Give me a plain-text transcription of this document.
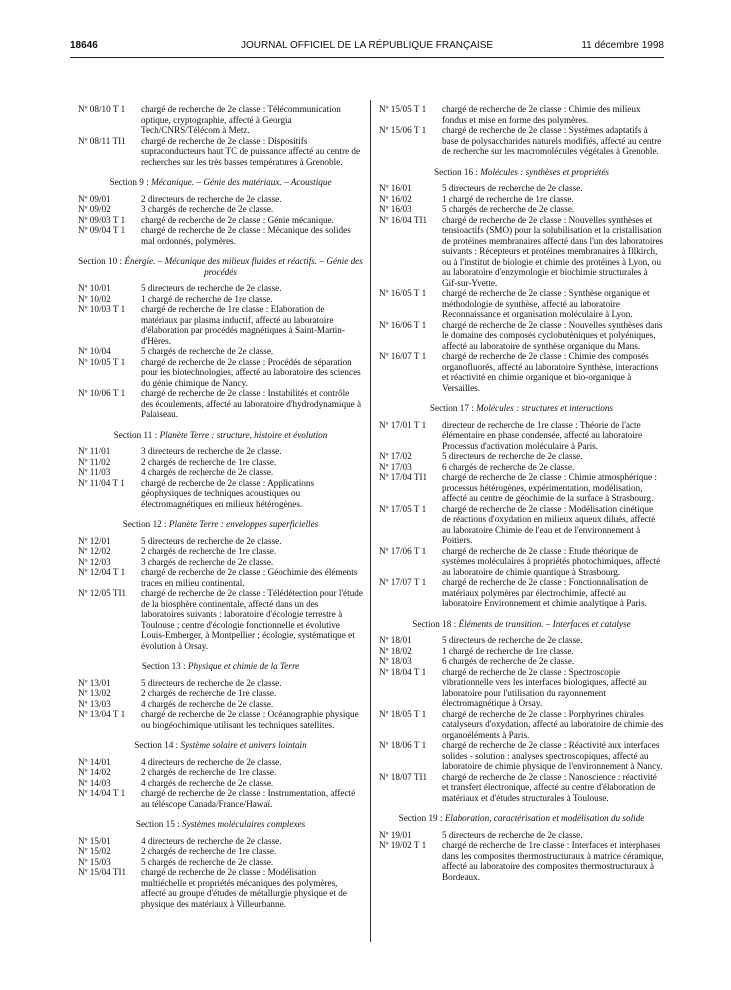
18646	JOURNAL OFFICIEL DE LA RÉPUBLIQUE FRANÇAISE	11 décembre 1998
Nº 08/10 T 1 chargé de recherche de 2e classe : Télécommunication optique, cryptographie, affecté à Georgia Tech/CNRS/Télécom à Metz.
Nº 08/11 TI1 chargé de recherche de 2e classe : Dispositifs supraconducteurs haut TC de puissance affecté au centre de recherches sur les très basses températures à Grenoble.
Section 9 : Mécanique. – Génie des matériaux. – Acoustique
Nº 09/01	2 directeurs de recherche de 2e classe.
Nº 09/02	3 chargés de recherche de 2e classe.
Nº 09/03 T 1 chargé de recherche de 2e classe : Génie mécanique.
Nº 09/04 T 1 chargé de recherche de 2e classe : Mécanique des solides mal ordonnés, polymères.
Section 10 : Énergie. – Mécanique des milieux fluides et réactifs. – Génie des procédés
Nº 10/01	5 directeurs de recherche de 2e classe.
Nº 10/02	1 chargé de recherche de 1re classe.
Nº 10/03 T 1 chargé de recherche de 1re classe : Elaboration de matériaux par plasma inductif, affecté au laboratoire d'élaboration par procédés magnétiques à Saint-Martin-d'Hères.
Nº 10/04	5 chargés de recherche de 2e classe.
Nº 10/05 T 1 chargé de recherche de 2e classe : Procédés de séparation pour les biotechnologies, affecté au laboratoire des sciences du génie chimique de Nancy.
Nº 10/06 T 1 chargé de recherche de 2e classe : Instabilités et contrôle des écoulements, affecté au laboratoire d'hydrodynamique à Palaiseau.
Section 11 : Planète Terre : structure, histoire et évolution
Nº 11/01	3 directeurs de recherche de 2e classe.
Nº 11/02	2 chargés de recherche de 1re classe.
Nº 11/03	4 chargés de recherche de 2e classe.
Nº 11/04 T 1 chargé de recherche de 2e classe : Applications géophysiques de techniques acoustiques ou électromagnétiques en milieux hétérogènes.
Section 12 : Planète Terre : enveloppes superficielles
Nº 12/01	5 directeurs de recherche de 2e classe.
Nº 12/02	2 chargés de recherche de 1re classe.
Nº 12/03	3 chargés de recherche de 2e classe.
Nº 12/04 T 1 chargé de recherche de 2e classe : Géochimie des éléments traces en milieu continental.
Nº 12/05 TI1 chargé de recherche de 2e classe : Télédétection pour l'étude de la biosphère continentale, affecté dans un des laboratoires suivants : laboratoire d'écologie terrestre à Toulouse ; centre d'écologie fonctionnelle et évolutive Louis-Emberger, à Montpellier ; écologie, systématique et évolution à Orsay.
Section 13 : Physique et chimie de la Terre
Nº 13/01	5 directeurs de recherche de 2e classe.
Nº 13/02	2 chargés de recherche de 1re classe.
Nº 13/03	4 chargés de recherche de 2e classe.
Nº 13/04 T 1 chargé de recherche de 2e classe : Océanographie physique ou biogéochimique utilisant les techniques satellites.
Section 14 : Système solaire et univers lointain
Nº 14/01	4 directeurs de recherche de 2e classe.
Nº 14/02	2 chargés de recherche de 1re classe.
Nº 14/03	4 chargés de recherche de 2e classe.
Nº 14/04 T 1 chargé de recherche de 2e classe : Instrumentation, affecté au téléscope Canada/France/Hawaï.
Section 15 : Systèmes moléculaires complexes
Nº 15/01	4 directeurs de recherche de 2e classe.
Nº 15/02	2 chargés de recherche de 1re classe.
Nº 15/03	5 chargés de recherche de 2e classe.
Nº 15/04 TI1 chargé de recherche de 2e classe : Modélisation multiéchelle et propriétés mécaniques des polymères, affecté au groupe d'études de métallurgie physique et de physique des matériaux à Villeurbanne.
Nº 15/05 T 1 chargé de recherche de 2e classe : Chimie des milieux fondus et mise en forme des polymères.
Nº 15/06 T 1 chargé de recherche de 2e classe : Systèmes adaptatifs à base de polysaccharides naturels modifiés, affecté au centre de recherche sur les macromolécules végétales à Grenoble.
Section 16 : Molécules : synthèses et propriétés
Nº 16/01	5 directeurs de recherche de 2e classe.
Nº 16/02	1 chargé de recherche de 1re classe.
Nº 16/03	5 chargés de recherche de 2e classe.
Nº 16/04 TI1 chargé de recherche de 2e classe : Nouvelles synthèses et tensioactifs (SMO) pour la solubilisation et la cristallisation de protéines membranaires affecté dans l'un des laboratoires suivants : Récepteurs et protéines membranaires à Illkirch, ou à l'institut de biologie et chimie des protéines à Lyon, ou au laboratoire d'enzymologie et biochimie structurales à Gif-sur-Yvette.
Nº 16/05 T 1 chargé de recherche de 2e classe : Synthèse organique et méthodologie de synthèse, affecté au laboratoire Reconnaissance et organisation moléculaire à Lyon.
Nº 16/06 T 1 chargé de recherche de 2e classe : Nouvelles synthèses dans le domaine des composés cyclobutèniques et polyéniques, affecté au laboratoire de synthèse organique du Mans.
Nº 16/07 T 1 chargé de recherche de 2e classe : Chimie des composés organofluorés, affecté au laboratoire Synthèse, interactions et réactivité en chimie organique et bio-organique à Versailles.
Section 17 : Molécules : structures et interactions
Nº 17/01 T 1 directeur de recherche de 1re classe : Théorie de l'acte élémentaire en phase condensée, affecté au laboratoire Processus d'activation moléculaire à Paris.
Nº 17/02	5 directeurs de recherche de 2e classe.
Nº 17/03	6 chargés de recherche de 2e classe.
Nº 17/04 TI1 chargé de recherche de 2e classe : Chimie atmosphérique : processus hétérogènes, expérimentation, modélisation, affecté au centre de géochimie de la surface à Strasbourg.
Nº 17/05 T 1 chargé de recherche de 2e classe : Modélisation cinétique de réactions d'oxydation en milieux aqueux dilués, affecté au laboratoire Chimie de l'eau et de l'environnement à Poitiers.
Nº 17/06 T 1 chargé de recherche de 2e classe : Etude théorique de systèmes moléculaires à propriétés photochimiques, affecté au laboratoire de chimie quantique à Strasbourg.
Nº 17/07 T 1 chargé de recherche de 2e classe : Fonctionnalisation de matériaux polymères par électrochimie, affecté au laboratoire Environnement et chimie analytique à Paris.
Section 18 : Éléments de transition. – Interfaces et catalyse
Nº 18/01	5 directeurs de recherche de 2e classe.
Nº 18/02	1 chargé de recherche de 1re classe.
Nº 18/03	6 chargés de recherche de 2e classe.
Nº 18/04 T 1 chargé de recherche de 2e classe : Spectroscopie vibrationnelle vers les interfaces biologiques, affecté au laboratoire pour l'utilisation du rayonnement électromagnétique à Orsay.
Nº 18/05 T 1 chargé de recherche de 2e classe : Porphyrines chirales catalyseurs d'oxydation, affecté au laboratoire de chimie des organoéléments à Paris.
Nº 18/06 T 1 chargé de recherche de 2e classe : Réactivité aux interfaces solides - solution : analyses spectroscopiques, affecté au laboratoire de chimie physique de l'environnement à Nancy.
Nº 18/07 TI1 chargé de recherche de 2e classe : Nanoscience : réactivité et transfert électronique, affecté au centre d'élaboration de matériaux et d'études structurales à Toulouse.
Section 19 : Elaboration, caractérisation et modélisation du solide
Nº 19/01	5 directeurs de recherche de 2e classe.
Nº 19/02 T 1 chargé de recherche de 1re classe : Interfaces et interphases dans les composites thermostructuraux à matrice céramique, affecté au laboratoire des composites thermostructuraux à Bordeaux.
